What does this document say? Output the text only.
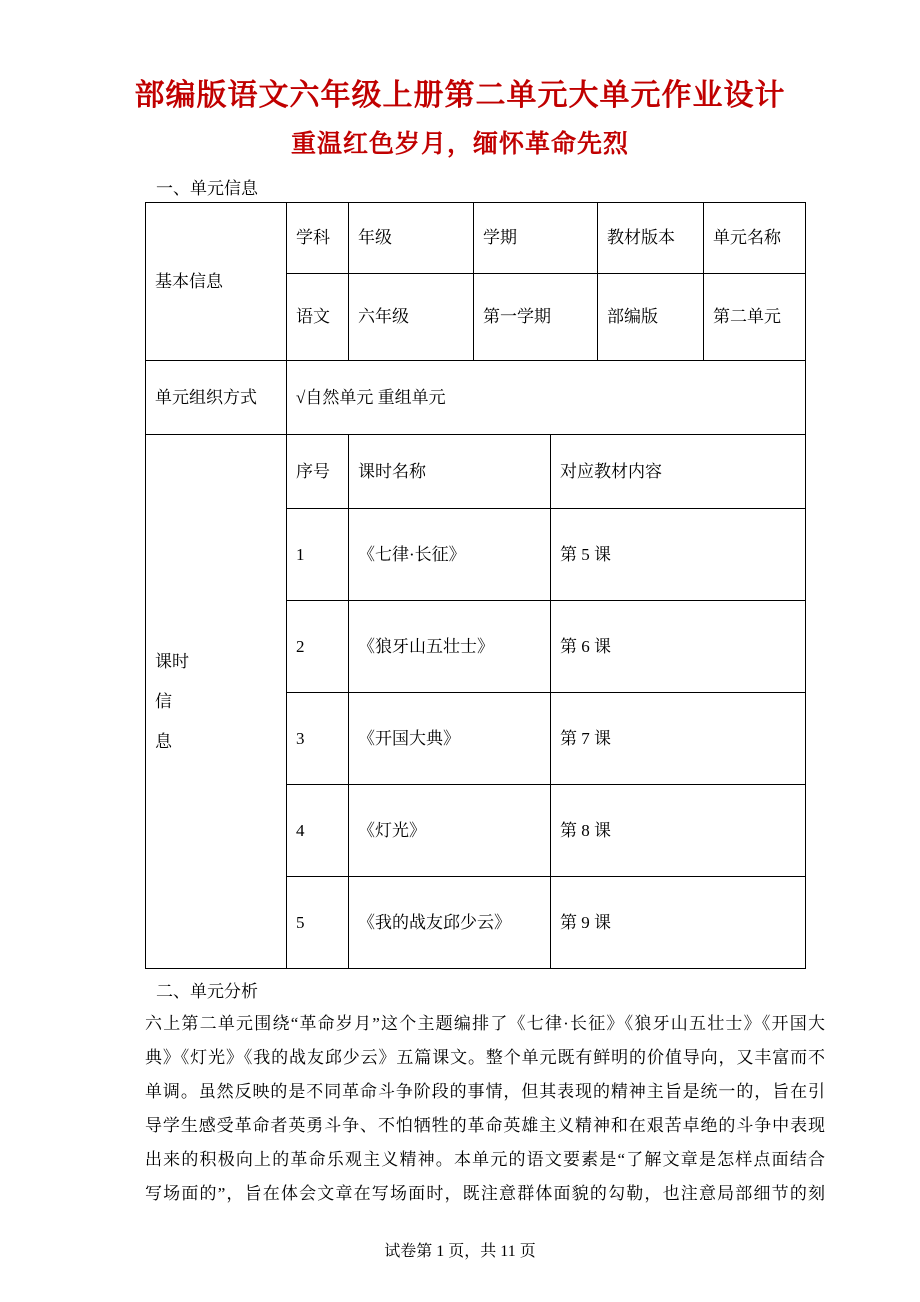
部编版语文六年级上册第二单元大单元作业设计
重温红色岁月，缅怀革命先烈
一、单元信息
基本信息	学科	年级	学期	教材版本	单元名称
	语文	六年级	第一学期	部编版	第二单元
单元组织方式	√自然单元 重组单元
课时
信
息	序号	课时名称	对应教材内容
	1	《七律·长征》	第 5 课
	2	《狼牙山五壮士》	第 6 课
	3	《开国大典》	第 7 课
	4	《灯光》	第 8 课
	5	《我的战友邱少云》	第 9 课
二、单元分析
六上第二单元围绕“革命岁月”这个主题编排了《七律·长征》《狼牙山五壮士》《开国大
典》《灯光》《我的战友邱少云》五篇课文。整个单元既有鲜明的价值导向，又丰富而不
单调。虽然反映的是不同革命斗争阶段的事情，但其表现的精神主旨是统一的，旨在引
导学生感受革命者英勇斗争、不怕牺牲的革命英雄主义精神和在艰苦卓绝的斗争中表现
出来的积极向上的革命乐观主义精神。本单元的语文要素是“了解文章是怎样点面结合
写场面的”，旨在体会文章在写场面时，既注意群体面貌的勾勒，也注意局部细节的刻
试卷第 1 页，共 11 页
